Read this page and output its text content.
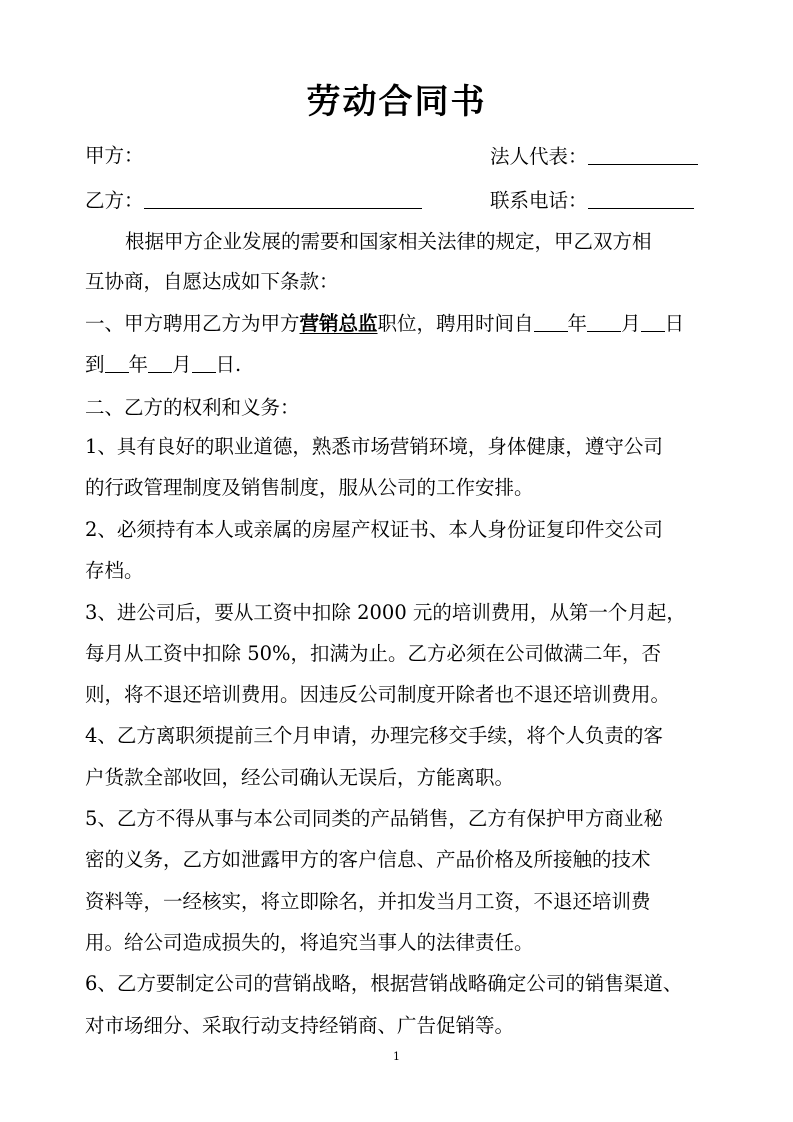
劳动合同书
甲方：	法人代表：
乙方：	联系电话：
根据甲方企业发展的需要和国家相关法律的规定，甲乙双方相
互协商，自愿达成如下条款：
一、甲方聘用乙方为甲方营销总监职位，聘用时间自 年 月 日
到 年 月 日.
二、乙方的权利和义务：
1、具有良好的职业道德，熟悉市场营销环境，身体健康，遵守公司
的行政管理制度及销售制度，服从公司的工作安排。
2、必须持有本人或亲属的房屋产权证书、本人身份证复印件交公司
存档。
3、进公司后，要从工资中扣除 2000 元的培训费用，从第一个月起，
每月从工资中扣除 50%，扣满为止。乙方必须在公司做满二年，否
则，将不退还培训费用。因违反公司制度开除者也不退还培训费用。
4、乙方离职须提前三个月申请，办理完移交手续，将个人负责的客
户货款全部收回，经公司确认无误后，方能离职。
5、乙方不得从事与本公司同类的产品销售，乙方有保护甲方商业秘
密的义务，乙方如泄露甲方的客户信息、产品价格及所接触的技术
资料等，一经核实，将立即除名，并扣发当月工资，不退还培训费
用。给公司造成损失的，将追究当事人的法律责任。
6、乙方要制定公司的营销战略，根据营销战略确定公司的销售渠道、
对市场细分、采取行动支持经销商、广告促销等。
1
